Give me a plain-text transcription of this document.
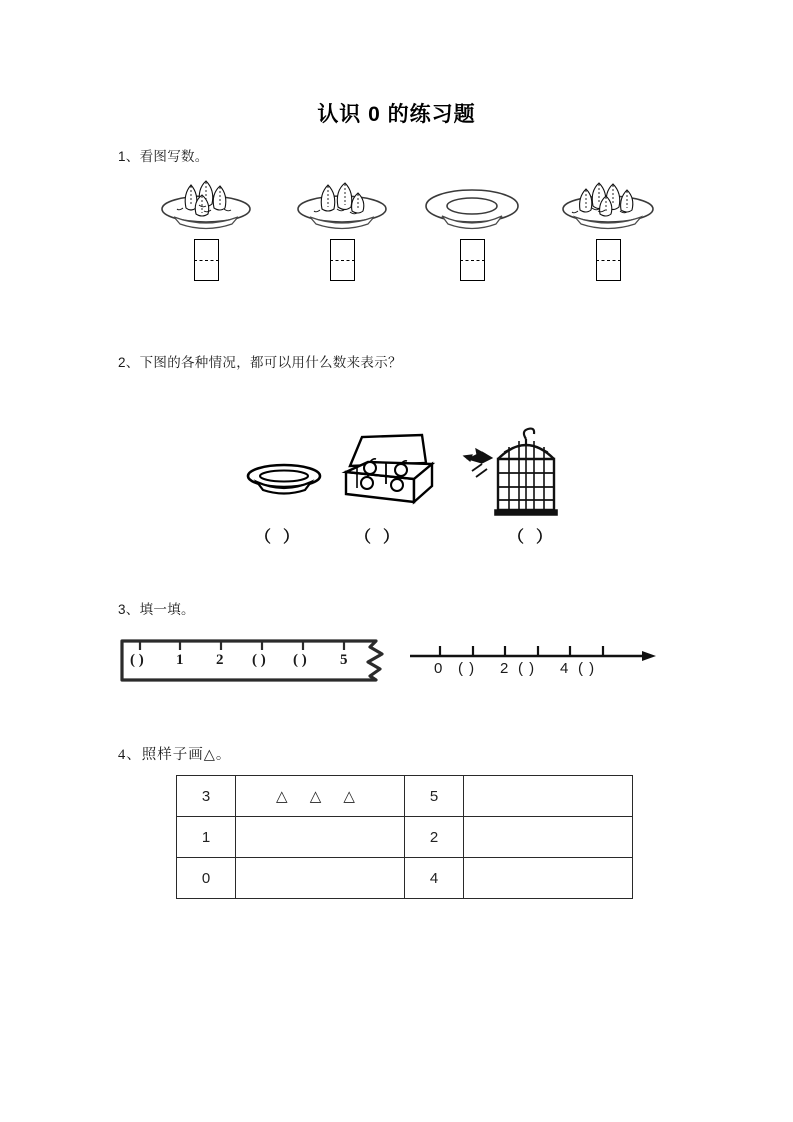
认识 0 的练习题
1、看图写数。
2、下图的各种情况，都可以用什么数来表示？
（ ）	（ ）	（ ）
3、填一填。
( ) 1 2 ( ) ( ) 5	0 ( ) 2 ( ) 4 ( )
4、照样子画△。
3	△ △ △	5	
1		2	
0		4	
